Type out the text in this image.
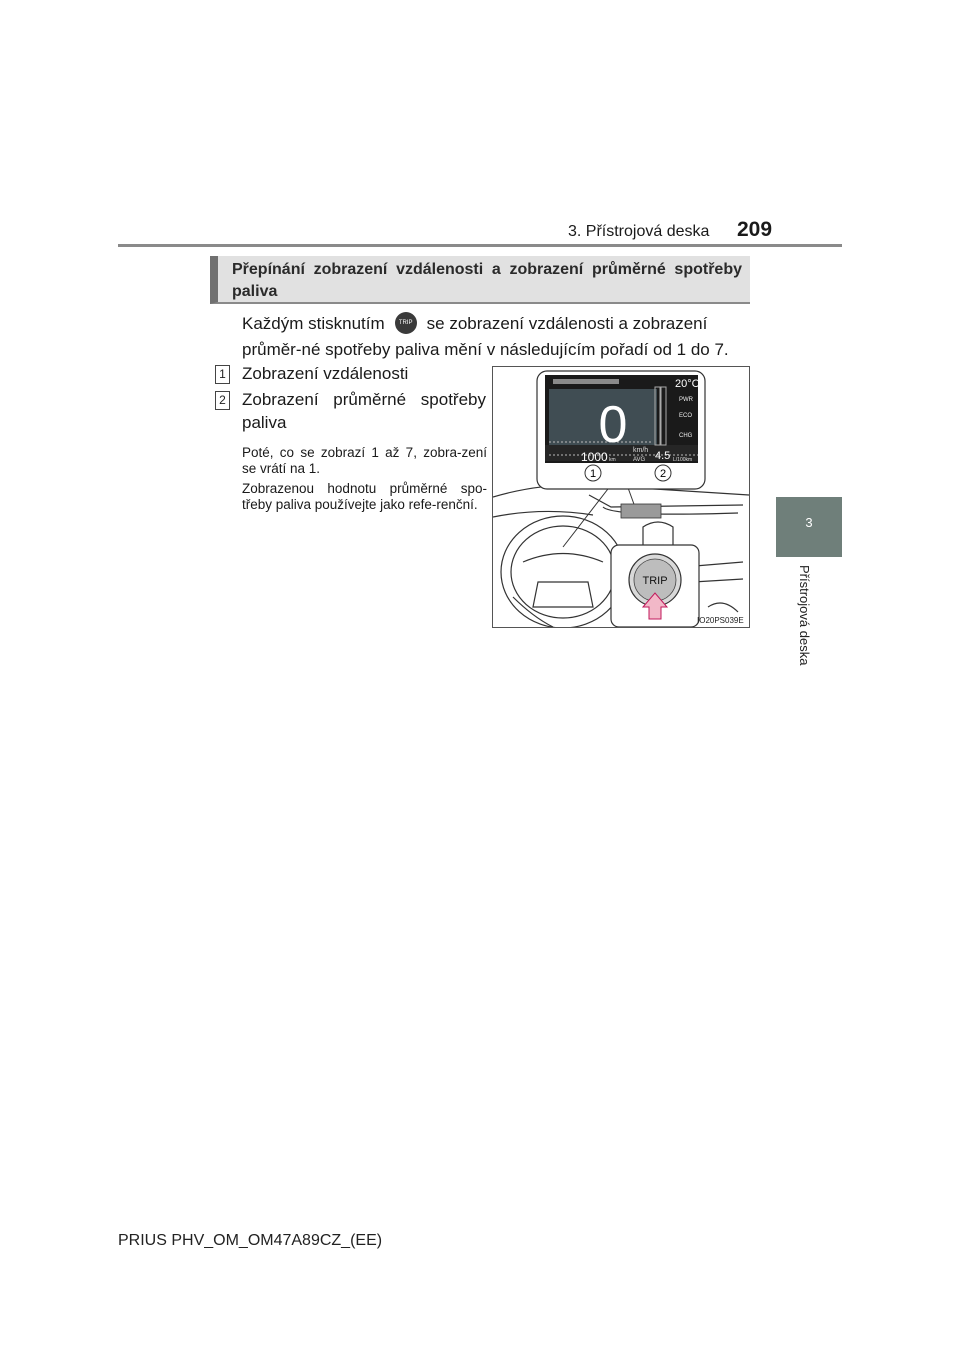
3. Přístrojová deska 209
3
Přístrojová deska
Přepínání zobrazení vzdálenosti a zobrazení průměrné spotřeby paliva
Každým stisknutím TRIP se zobrazení vzdálenosti a zobrazení průměr-né spotřeby paliva mění v následujícím pořadí od 1 do 7.
1 Zobrazení vzdálenosti
2 Zobrazení průměrné spotřeby paliva
Poté, co se zobrazí 1 až 7, zobra-zení se vrátí na 1.
Zobrazenou hodnotu průměrné spo-třeby paliva používejte jako refe-renční.
20°C
0 km/h
PWR
ECO
CHG
1000 km	AVG 4.5 L/100km
1	2
TRIP
IO20PS039E
PRIUS PHV_OM_OM47A89CZ_(EE)
